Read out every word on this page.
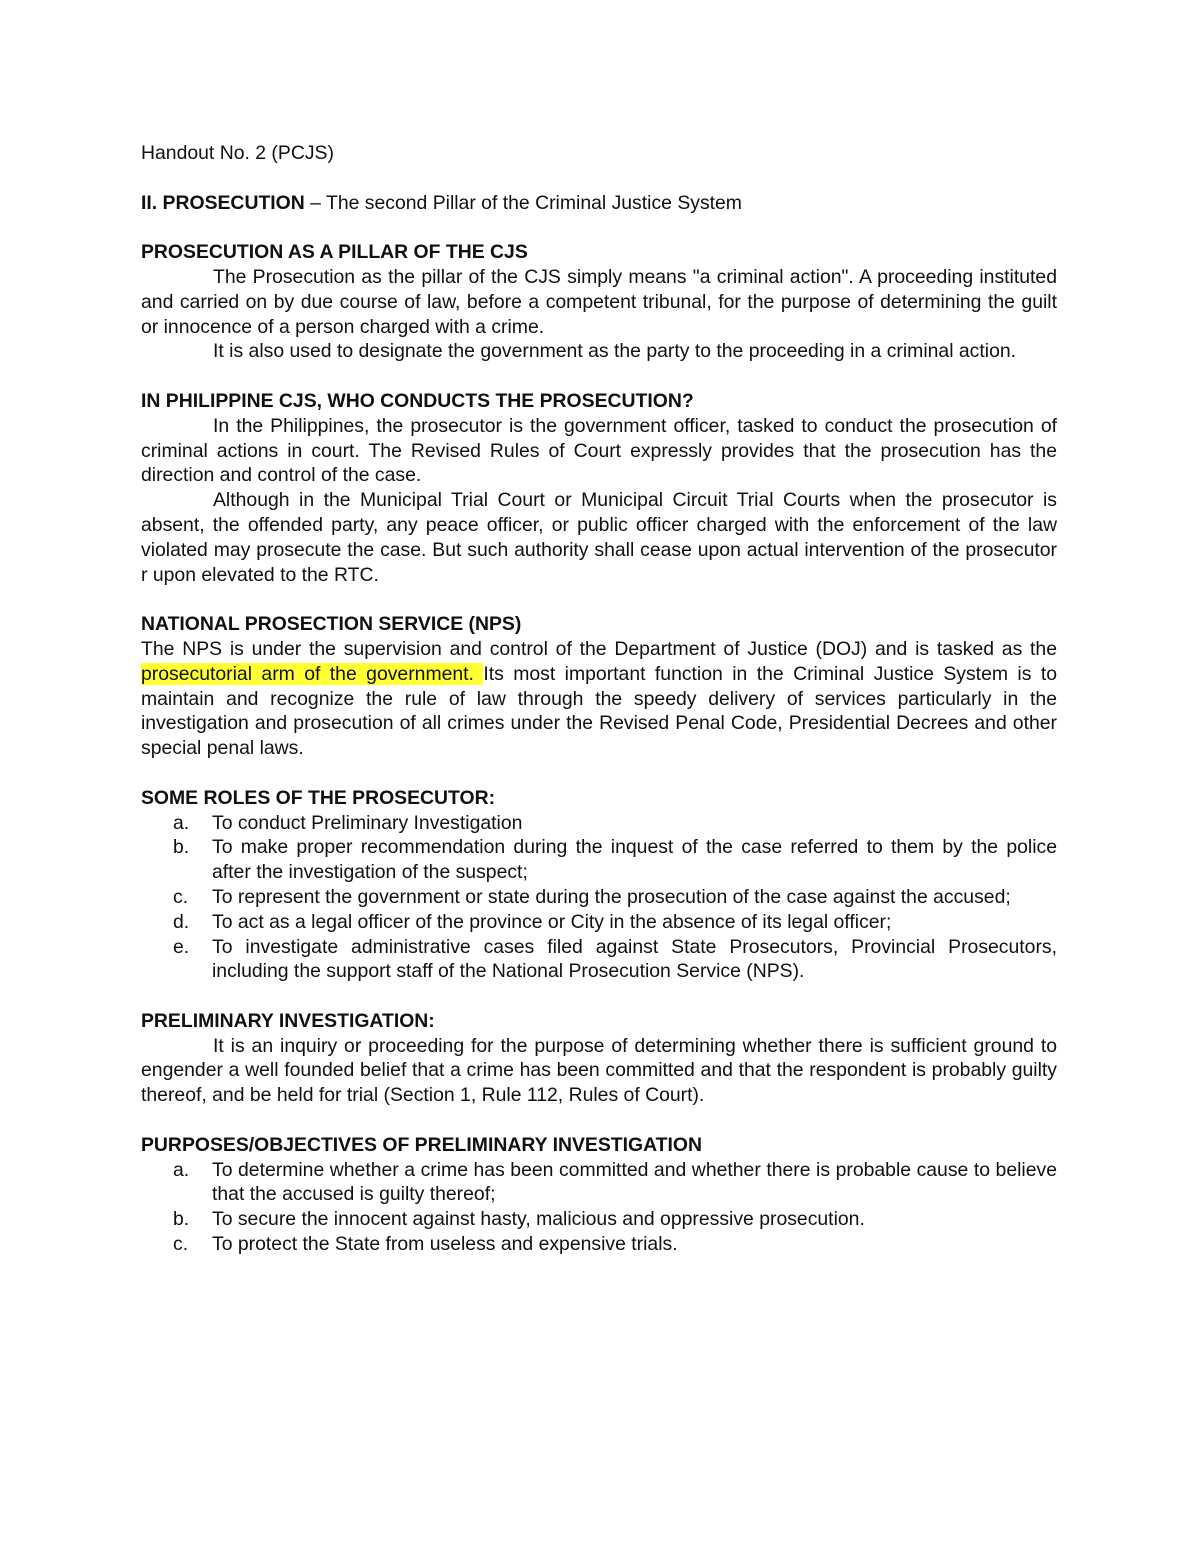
Handout No. 2 (PCJS)

II. PROSECUTION – The second Pillar of the Criminal Justice System

PROSECUTION AS A PILLAR OF THE CJS

The Prosecution as the pillar of the CJS simply means "a criminal action". A proceeding instituted and carried on by due course of law, before a competent tribunal, for the purpose of determining the guilt or innocence of a person charged with a crime.

It is also used to designate the government as the party to the proceeding in a criminal action.

IN PHILIPPINE CJS, WHO CONDUCTS THE PROSECUTION?

In the Philippines, the prosecutor is the government officer, tasked to conduct the prosecution of criminal actions in court. The Revised Rules of Court expressly provides that the prosecution has the direction and control of the case.

Although in the Municipal Trial Court or Municipal Circuit Trial Courts when the prosecutor is absent, the offended party, any peace officer, or public officer charged with the enforcement of the law violated may prosecute the case. But such authority shall cease upon actual intervention of the prosecutor r upon elevated to the RTC.

NATIONAL PROSECTION SERVICE (NPS)

The NPS is under the supervision and control of the Department of Justice (DOJ) and is tasked as the prosecutorial arm of the government. Its most important function in the Criminal Justice System is to maintain and recognize the rule of law through the speedy delivery of services particularly in the investigation and prosecution of all crimes under the Revised Penal Code, Presidential Decrees and other special penal laws.

SOME ROLES OF THE PROSECUTOR:

a. To conduct Preliminary Investigation
b. To make proper recommendation during the inquest of the case referred to them by the police after the investigation of the suspect;
c. To represent the government or state during the prosecution of the case against the accused;
d. To act as a legal officer of the province or City in the absence of its legal officer;
e. To investigate administrative cases filed against State Prosecutors, Provincial Prosecutors, including the support staff of the National Prosecution Service (NPS).

PRELIMINARY INVESTIGATION:

It is an inquiry or proceeding for the purpose of determining whether there is sufficient ground to engender a well founded belief that a crime has been committed and that the respondent is probably guilty thereof, and be held for trial (Section 1, Rule 112, Rules of Court).

PURPOSES/OBJECTIVES OF PRELIMINARY INVESTIGATION

a. To determine whether a crime has been committed and whether there is probable cause to believe that the accused is guilty thereof;
b. To secure the innocent against hasty, malicious and oppressive prosecution.
c. To protect the State from useless and expensive trials.
